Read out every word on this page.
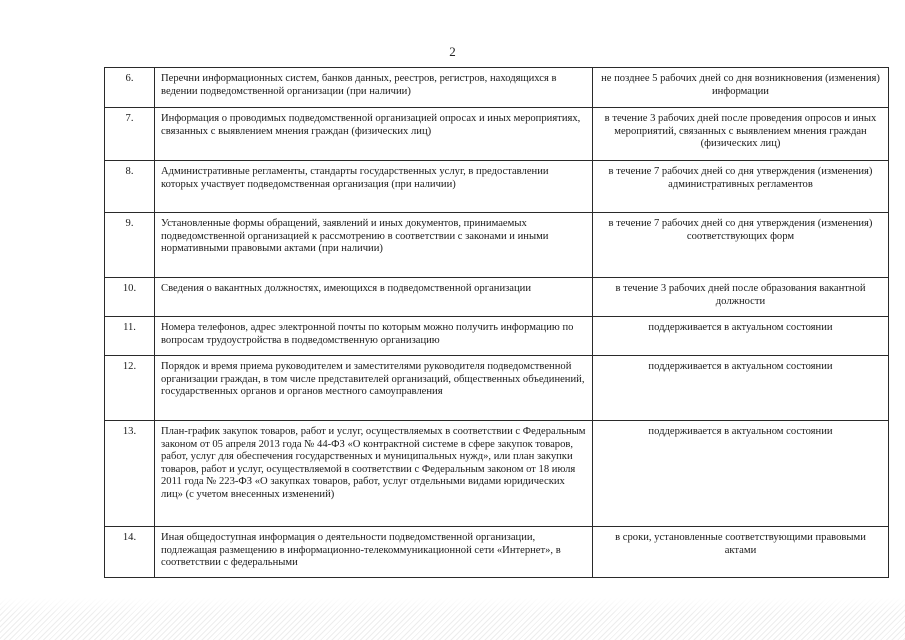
2
6.	Перечни информационных систем, банков данных, реестров, регистров, находящихся в ведении подведомственной организации (при наличии)	не позднее 5 рабочих дней со дня возникновения (изменения) информации
7.	Информация о проводимых подведомственной организацией опросах и иных мероприятиях, связанных с выявлением мнения граждан (физических лиц)	в течение 3 рабочих дней после проведения опросов и иных мероприятий, связанных с выявлением мнения граждан (физических лиц)
8.	Административные регламенты, стандарты государственных услуг, в предоставлении которых участвует подведомственная организация (при наличии)	в течение 7 рабочих дней со дня утверждения (изменения) административных регламентов
9.	Установленные формы обращений, заявлений и иных документов, принимаемых подведомственной организацией к рассмотрению в соответствии с законами и иными нормативными правовыми актами (при наличии)	в течение 7 рабочих дней со дня утверждения (изменения) соответствующих форм
10.	Сведения о вакантных должностях, имеющихся в подведомственной организации	в течение 3 рабочих дней после образования вакантной должности
11.	Номера телефонов, адрес электронной почты по которым можно получить информацию по вопросам трудоустройства в подведомственную организацию	поддерживается в актуальном состоянии
12.	Порядок и время приема руководителем и заместителями руководителя подведомственной организации граждан, в том числе представителей организаций, общественных объединений, государственных органов и органов местного самоуправления	поддерживается в актуальном состоянии
13.	План-график закупок товаров, работ и услуг, осуществляемых в соответствии с Федеральным законом от 05 апреля 2013 года № 44-ФЗ «О контрактной системе в сфере закупок товаров, работ, услуг для обеспечения государственных и муниципальных нужд», или план закупки товаров, работ и услуг, осуществляемой в соответствии с Федеральным законом от 18 июля 2011 года № 223-ФЗ «О закупках товаров, работ, услуг отдельными видами юридических лиц» (с учетом внесенных изменений)	поддерживается в актуальном состоянии
14.	Иная общедоступная информация о деятельности подведомственной организации, подлежащая размещению в информационно-телекоммуникационной сети «Интернет», в соответствии с федеральными	в сроки, установленные соответствующими правовыми актами
